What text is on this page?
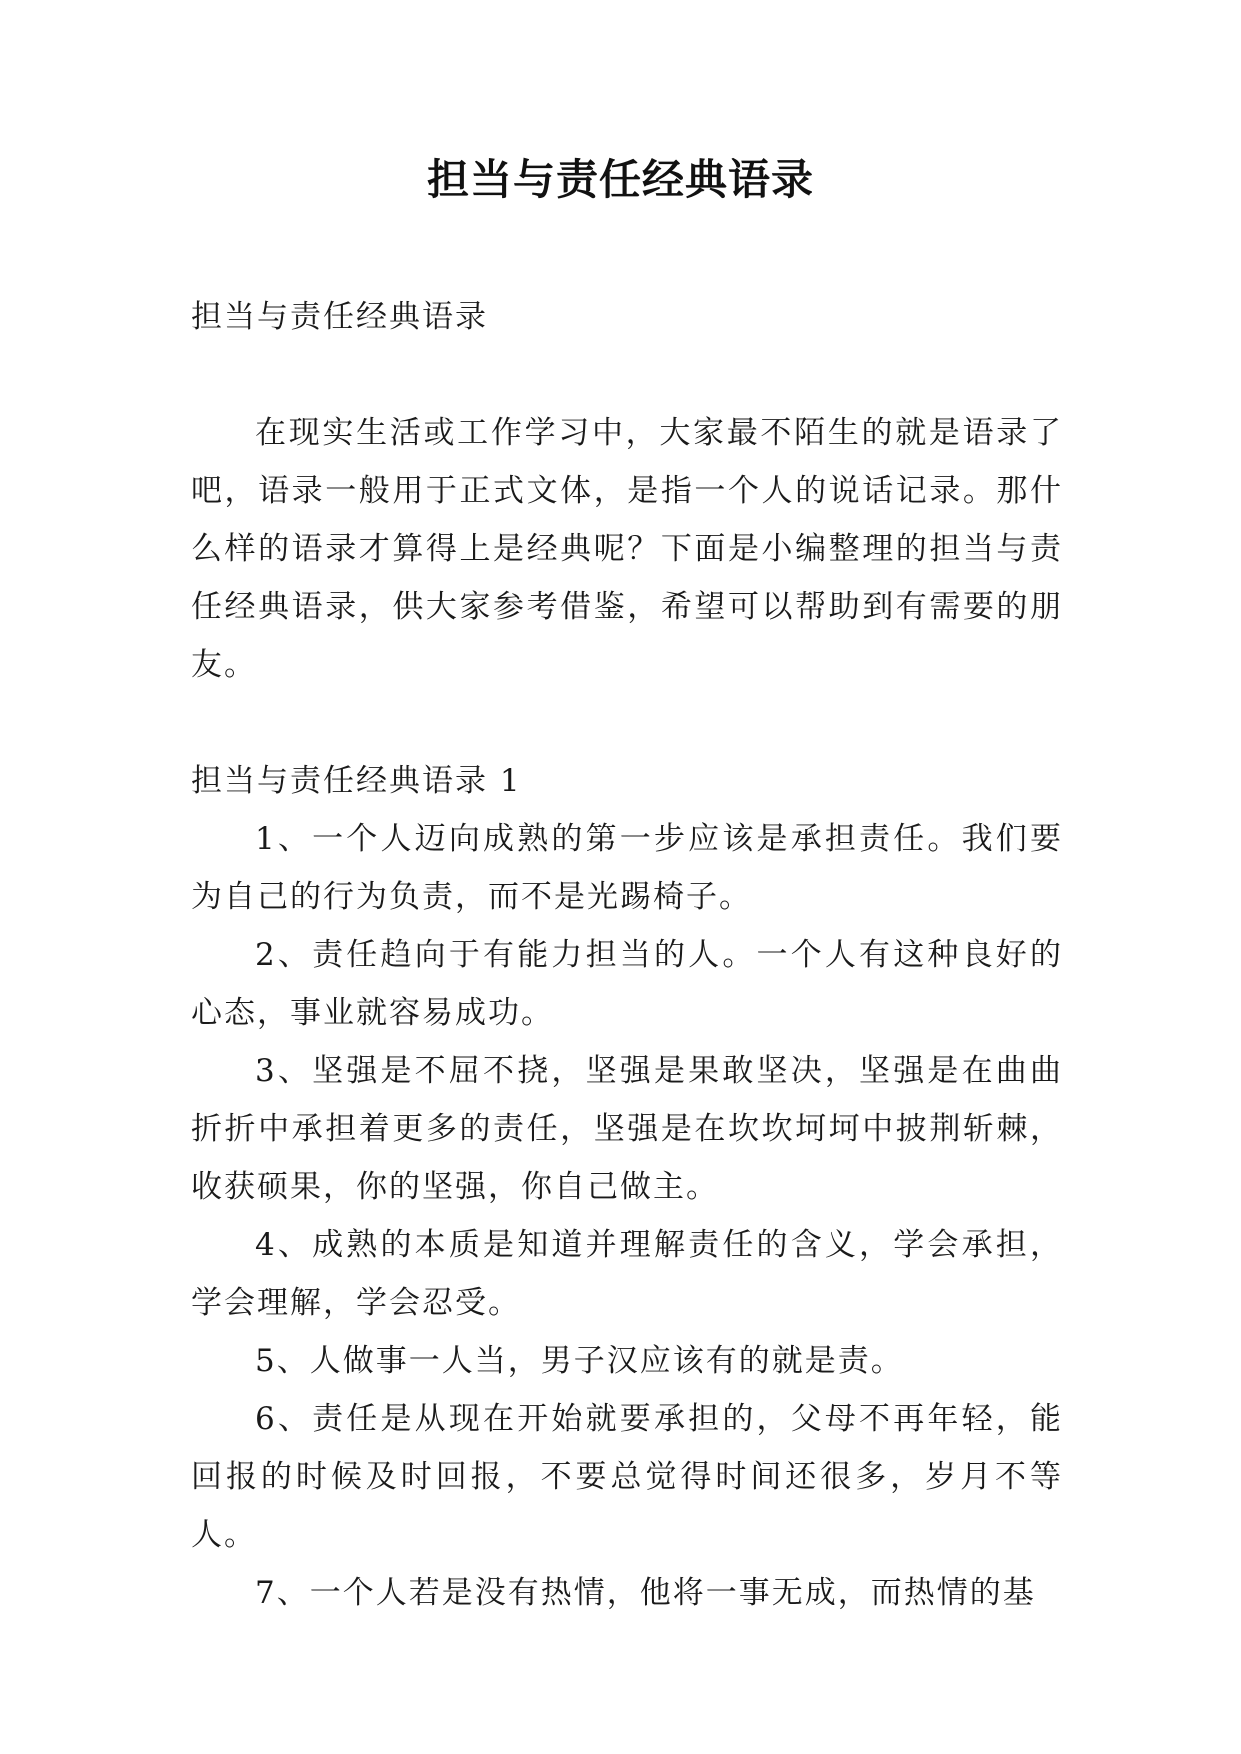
担当与责任经典语录

担当与责任经典语录

在现实生活或工作学习中，大家最不陌生的就是语录了吧，语录一般用于正式文体，是指一个人的说话记录。那什么样的语录才算得上是经典呢？下面是小编整理的担当与责任经典语录，供大家参考借鉴，希望可以帮助到有需要的朋友。

担当与责任经典语录 1

1、一个人迈向成熟的第一步应该是承担责任。我们要为自己的行为负责，而不是光踢椅子。

2、责任趋向于有能力担当的人。一个人有这种良好的心态，事业就容易成功。

3、坚强是不屈不挠，坚强是果敢坚决，坚强是在曲曲折折中承担着更多的责任，坚强是在坎坎坷坷中披荆斩棘，收获硕果，你的坚强，你自己做主。

4、成熟的本质是知道并理解责任的含义，学会承担，学会理解，学会忍受。

5、人做事一人当，男子汉应该有的就是责。

6、责任是从现在开始就要承担的，父母不再年轻，能回报的时候及时回报，不要总觉得时间还很多，岁月不等人。

7、一个人若是没有热情，他将一事无成，而热情的基
